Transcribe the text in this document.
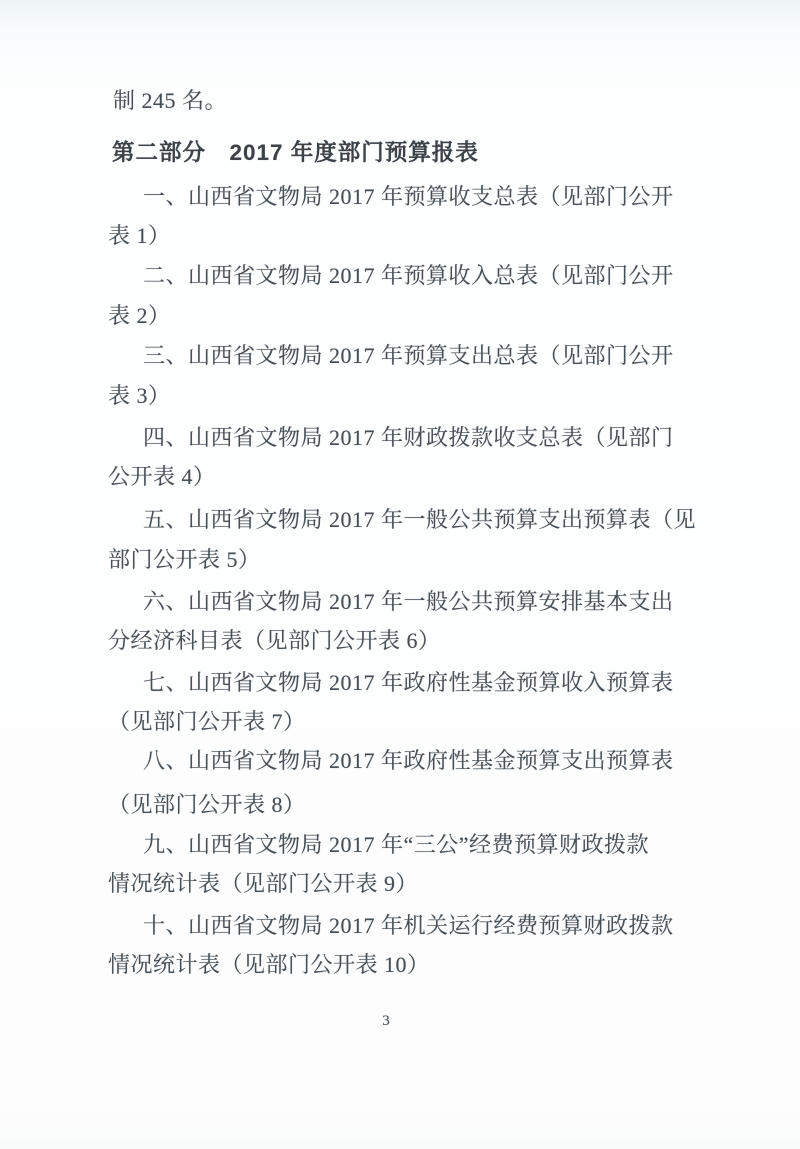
制 245 名。
第二部分　2017 年度部门预算报表
一、山西省文物局 2017 年预算收支总表（见部门公开
表 1）
二、山西省文物局 2017 年预算收入总表（见部门公开
表 2）
三、山西省文物局 2017 年预算支出总表（见部门公开
表 3）
四、山西省文物局 2017 年财政拨款收支总表（见部门
公开表 4）
五、山西省文物局 2017 年一般公共预算支出预算表（见
部门公开表 5）
六、山西省文物局 2017 年一般公共预算安排基本支出
分经济科目表（见部门公开表 6）
七、山西省文物局 2017 年政府性基金预算收入预算表
（见部门公开表 7）
八、山西省文物局 2017 年政府性基金预算支出预算表
（见部门公开表 8）
九、山西省文物局 2017 年“三公”经费预算财政拨款
情况统计表（见部门公开表 9）
十、山西省文物局 2017 年机关运行经费预算财政拨款
情况统计表（见部门公开表 10）
3
